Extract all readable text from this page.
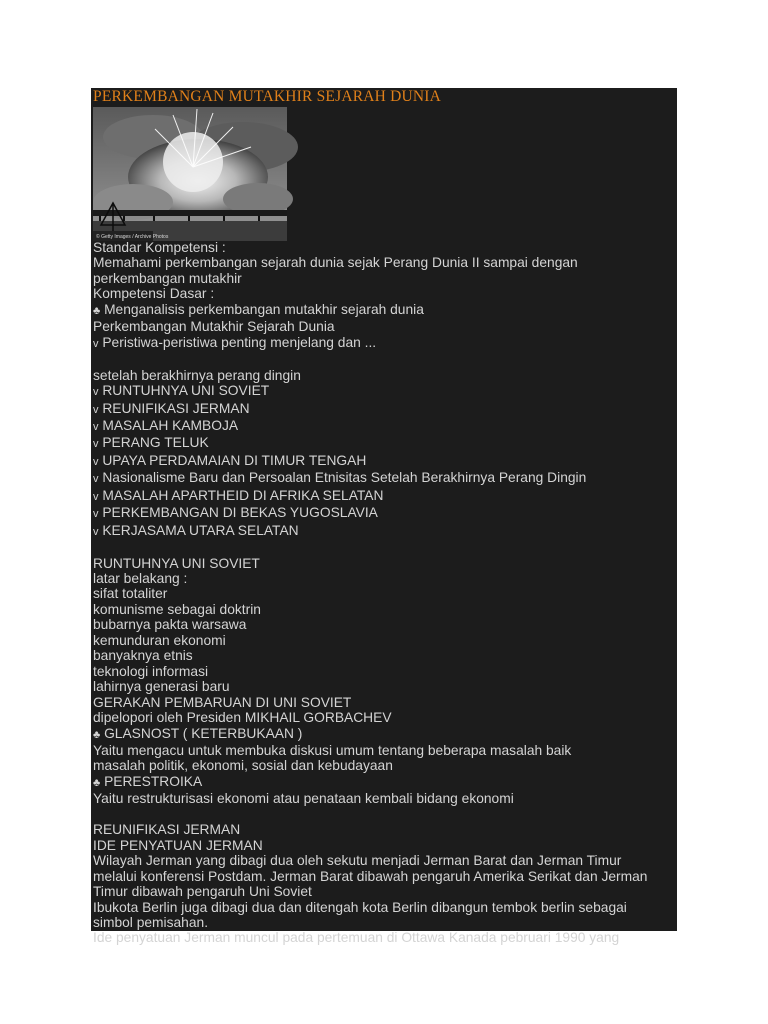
PERKEMBANGAN MUTAKHIR SEJARAH DUNIA
© Getty Images / Archive Photos
Standar Kompetensi :
Memahami perkembangan sejarah dunia sejak Perang Dunia II sampai dengan
perkembangan mutakhir
Kompetensi Dasar :
♣ Menganalisis perkembangan mutakhir sejarah dunia
Perkembangan Mutakhir Sejarah Dunia
v Peristiwa-peristiwa penting menjelang dan ...
setelah berakhirnya perang dingin
v RUNTUHNYA UNI SOVIET
v REUNIFIKASI JERMAN
v MASALAH KAMBOJA
v PERANG TELUK
v UPAYA PERDAMAIAN DI TIMUR TENGAH
v Nasionalisme Baru dan Persoalan Etnisitas Setelah Berakhirnya Perang Dingin
v MASALAH APARTHEID DI AFRIKA SELATAN
v PERKEMBANGAN DI BEKAS YUGOSLAVIA
v KERJASAMA UTARA SELATAN
RUNTUHNYA UNI SOVIET
latar belakang :
sifat totaliter
komunisme sebagai doktrin
bubarnya pakta warsawa
kemunduran ekonomi
banyaknya etnis
teknologi informasi
lahirnya generasi baru
GERAKAN PEMBARUAN DI UNI SOVIET
dipelopori oleh Presiden MIKHAIL GORBACHEV
♣ GLASNOST ( KETERBUKAAN )
Yaitu mengacu untuk membuka diskusi umum tentang beberapa masalah baik
masalah politik, ekonomi, sosial dan kebudayaan
♣ PERESTROIKA
Yaitu restrukturisasi ekonomi atau penataan kembali bidang ekonomi
REUNIFIKASI JERMAN
IDE PENYATUAN JERMAN
Wilayah Jerman yang dibagi dua oleh sekutu menjadi Jerman Barat dan Jerman Timur
melalui konferensi Postdam. Jerman Barat dibawah pengaruh Amerika Serikat dan Jerman
Timur dibawah pengaruh Uni Soviet
Ibukota Berlin juga dibagi dua dan ditengah kota Berlin dibangun tembok berlin sebagai
simbol pemisahan.
Ide penyatuan Jerman muncul pada pertemuan di Ottawa Kanada pebruari 1990 yang
